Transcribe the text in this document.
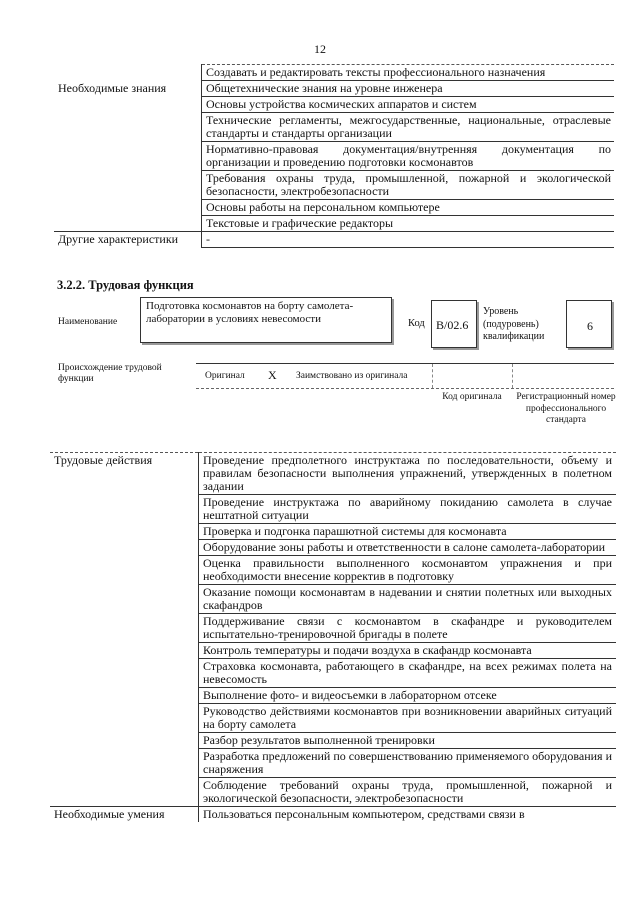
12
	Создавать и редактировать тексты профессионального назначения
Необходимые знания	Общетехнические знания на уровне инженера
	Основы устройства космических аппаратов и систем
	Технические регламенты, межгосударственные, национальные, отраслевые стандарты и стандарты организации
	Нормативно-правовая документация/внутренняя документация по организации и проведению подготовки космонавтов
	Требования охраны труда, промышленной, пожарной и экологической безопасности, электробезопасности
	Основы работы на персональном компьютере
	Текстовые и графические редакторы
Другие характеристики	-
3.2.2. Трудовая функция
Наименование
Подготовка космонавтов на борту самолета-лаборатории в условиях невесомости	Код B/02.6
Уровень (подуровень) квалификации
6
Происхождение трудовой функции	Оригинал X Заимствовано из оригинала
Код оригинала	Регистрационный номер профессионального стандарта
Трудовые действия	Проведение предполетного инструктажа по последовательности, объему и правилам безопасности выполнения упражнений, утвержденных в полетном задании
	Проведение инструктажа по аварийному покиданию самолета в случае нештатной ситуации
	Проверка и подгонка парашютной системы для космонавта
	Оборудование зоны работы и ответственности в салоне самолета-лаборатории
	Оценка правильности выполненного космонавтом упражнения и при необходимости внесение корректив в подготовку
	Оказание помощи космонавтам в надевании и снятии полетных или выходных скафандров
	Поддерживание связи с космонавтом в скафандре и руководителем испытательно-тренировочной бригады в полете
	Контроль температуры и подачи воздуха в скафандр космонавта
	Страховка космонавта, работающего в скафандре, на всех режимах полета на невесомость
	Выполнение фото- и видеосъемки в лабораторном отсеке
	Руководство действиями космонавтов при возникновении аварийных ситуаций на борту самолета
	Разбор результатов выполненной тренировки
	Разработка предложений по совершенствованию применяемого оборудования и снаряжения
	Соблюдение требований охраны труда, промышленной, пожарной и экологической безопасности, электробезопасности
Необходимые умения	Пользоваться персональным компьютером, средствами связи в
